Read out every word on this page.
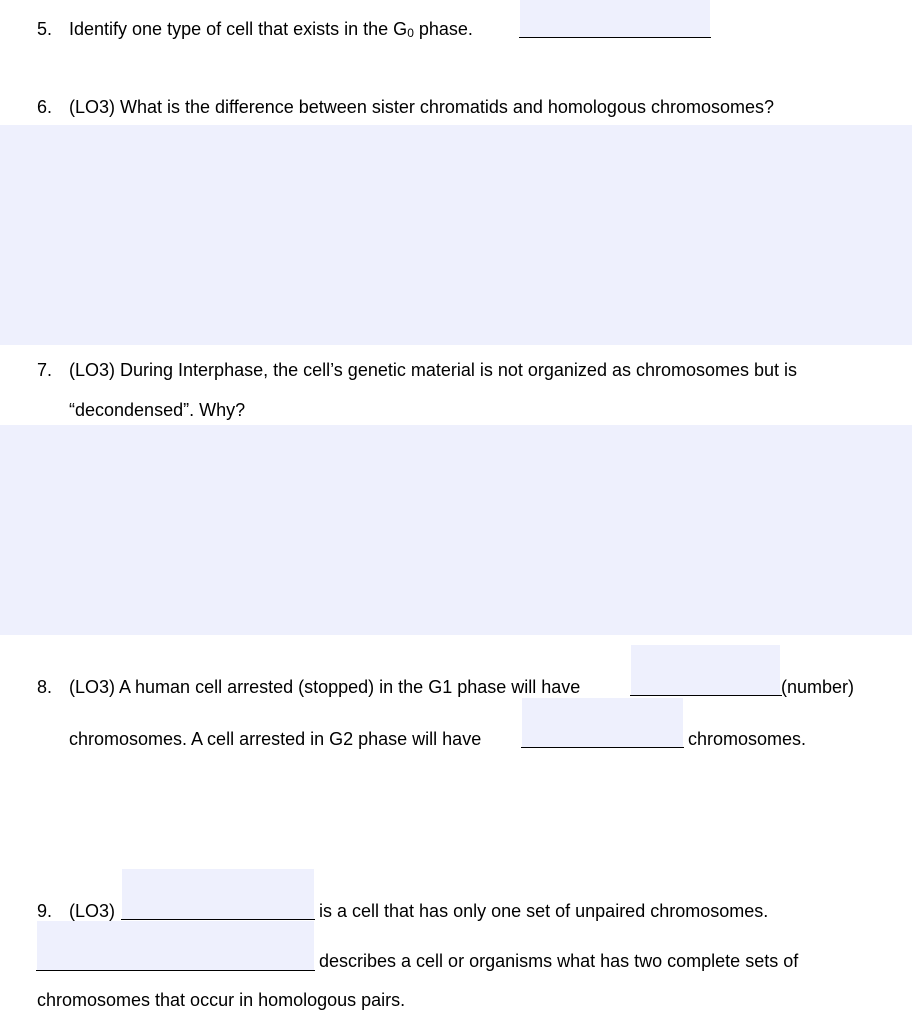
5. Identify one type of cell that exists in the $G_0$ phase.
6. (LO3) What is the difference between sister chromatids and homologous chromosomes?
7. (LO3) During Interphase, the cell’s genetic material is not organized as chromosomes but is
“decondensed”. Why?
8. (LO3) A human cell arrested (stopped) in the G1 phase will have	(number)
chromosomes. A cell arrested in G2 phase will have	chromosomes.
9. (LO3)	is a cell that has only one set of unpaired chromosomes.
describes a cell or organisms what has two complete sets of
chromosomes that occur in homologous pairs.
